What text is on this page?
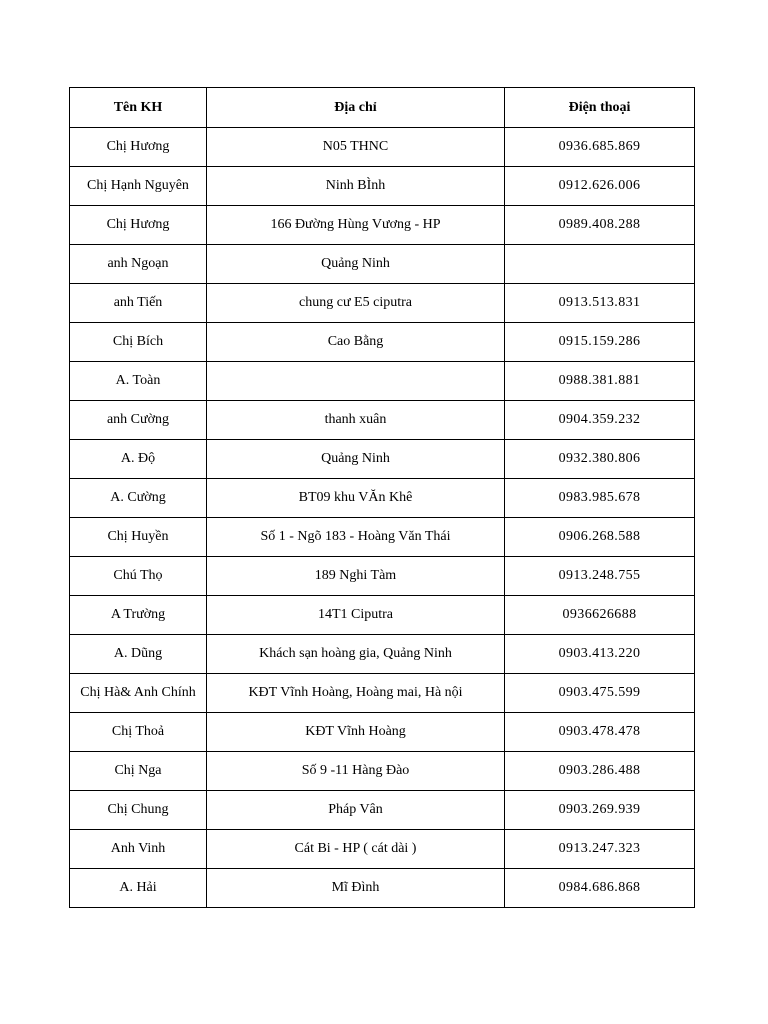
Tên KH	Địa chỉ	Điện thoại
Chị Hương	N05 THNC	0936.685.869
Chị Hạnh Nguyên	Ninh BÌnh	0912.626.006
Chị Hương	166 Đường Hùng Vương - HP	0989.408.288
anh Ngoạn	Quảng Ninh	
anh Tiến	chung cư E5 ciputra	0913.513.831
Chị Bích	Cao Bằng	0915.159.286
A. Toàn		0988.381.881
anh Cường	thanh xuân	0904.359.232
A. Độ	Quảng Ninh	0932.380.806
A. Cường	BT09 khu VĂn Khê	0983.985.678
Chị Huyền	Số 1 - Ngõ 183 - Hoàng Văn Thái	0906.268.588
Chú Thọ	189 Nghi Tàm	0913.248.755
A Trường	14T1 Ciputra	0936626688
A. Dũng	Khách sạn hoàng gia, Quảng Ninh	0903.413.220
Chị Hà& Anh Chính	KĐT Vĩnh Hoàng, Hoàng mai, Hà nội	0903.475.599
Chị Thoả	KĐT Vĩnh Hoàng	0903.478.478
Chị Nga	Số 9 -11 Hàng Đào	0903.286.488
Chị Chung	Pháp Vân	0903.269.939
Anh Vinh	Cát Bi - HP ( cát dài )	0913.247.323
A. Hải	Mĩ Đình	0984.686.868
